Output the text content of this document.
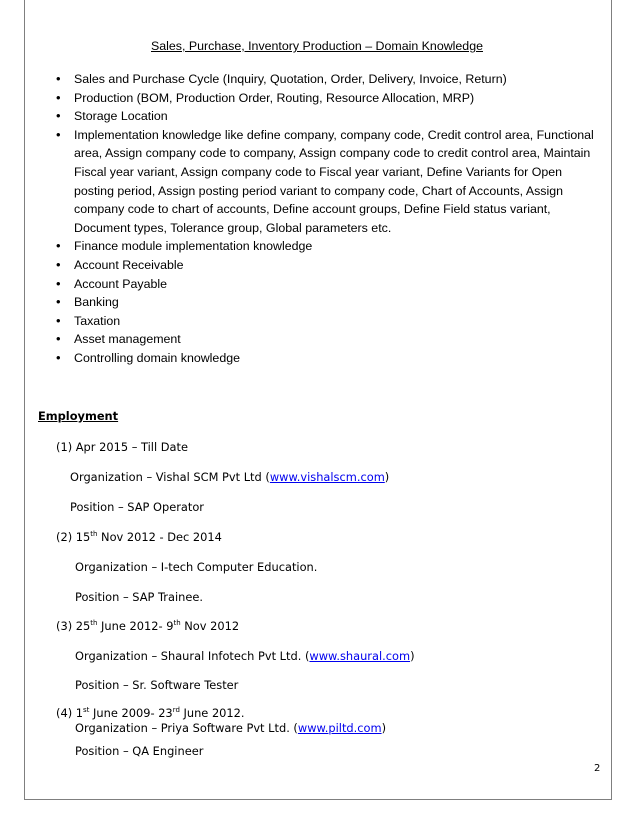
Sales, Purchase, Inventory Production – Domain Knowledge
• Sales and Purchase Cycle (Inquiry, Quotation, Order, Delivery, Invoice, Return)
• Production (BOM, Production Order, Routing, Resource Allocation, MRP)
• Storage Location
• Implementation knowledge like define company, company code, Credit control area, Functional area, Assign company code to company, Assign company code to credit control area, Maintain Fiscal year variant, Assign company code to Fiscal year variant, Define Variants for Open posting period, Assign posting period variant to company code, Chart of Accounts, Assign company code to chart of accounts, Define account groups, Define Field status variant, Document types, Tolerance group, Global parameters etc.
• Finance module implementation knowledge
• Account Receivable
• Account Payable
• Banking
• Taxation
• Asset management
• Controlling domain knowledge
Employment
(1) Apr 2015 – Till Date
Organization – Vishal SCM Pvt Ltd (www.vishalscm.com)
Position – SAP Operator
(2) 15th Nov 2012 - Dec 2014
Organization – I-tech Computer Education.
Position – SAP Trainee.
(3) 25th June 2012- 9th Nov 2012
Organization – Shaural Infotech Pvt Ltd. (www.shaural.com)
Position – Sr. Software Tester
(4) 1st June 2009- 23rd June 2012.
Organization – Priya Software Pvt Ltd. (www.piltd.com)
Position – QA Engineer
2
